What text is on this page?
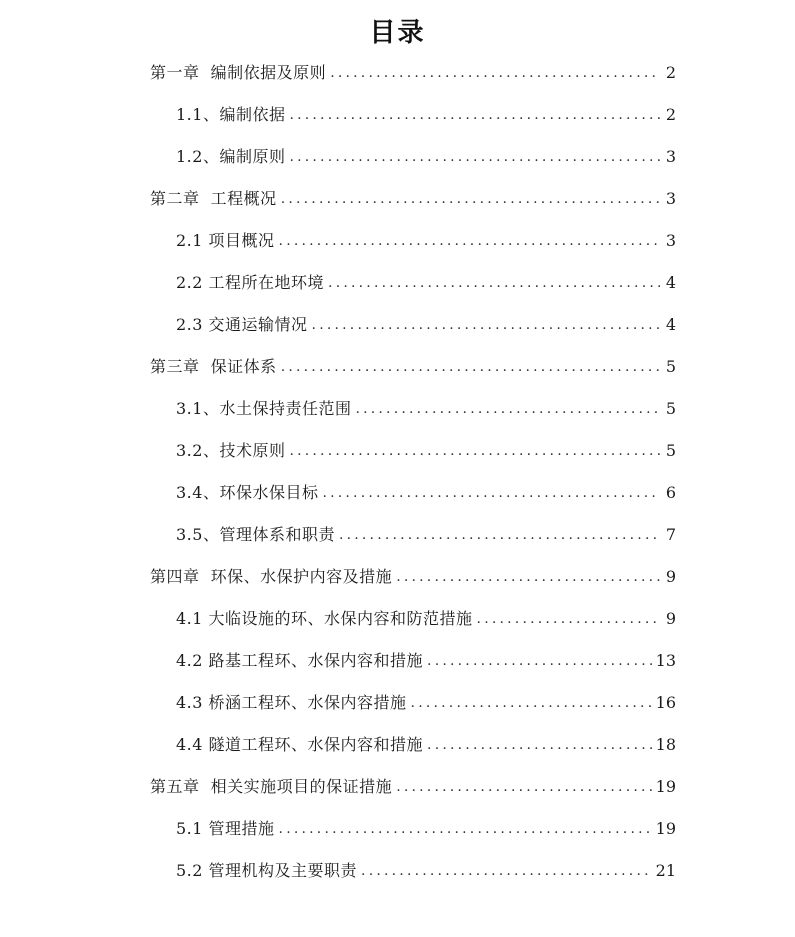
目录
第一章  编制依据及原则 .....	2
1.1、编制依据 .....	2
1.2、编制原则 .....	3
第二章  工程概况 .....	3
2.1 项目概况 .....	3
2.2 工程所在地环境 .....	4
2.3 交通运输情况 .....	4
第三章  保证体系 .....	5
3.1、水土保持责任范围 .....	5
3.2、技术原则 .....	5
3.4、环保水保目标 .....	6
3.5、管理体系和职责 .....	7
第四章  环保、水保护内容及措施 .....	9
4.1 大临设施的环、水保内容和防范措施 .....	9
4.2 路基工程环、水保内容和措施 .....	13
4.3 桥涵工程环、水保内容措施 .....	16
4.4 隧道工程环、水保内容和措施 .....	18
第五章  相关实施项目的保证措施 .....	19
5.1 管理措施 .....	19
5.2 管理机构及主要职责 .....	21
